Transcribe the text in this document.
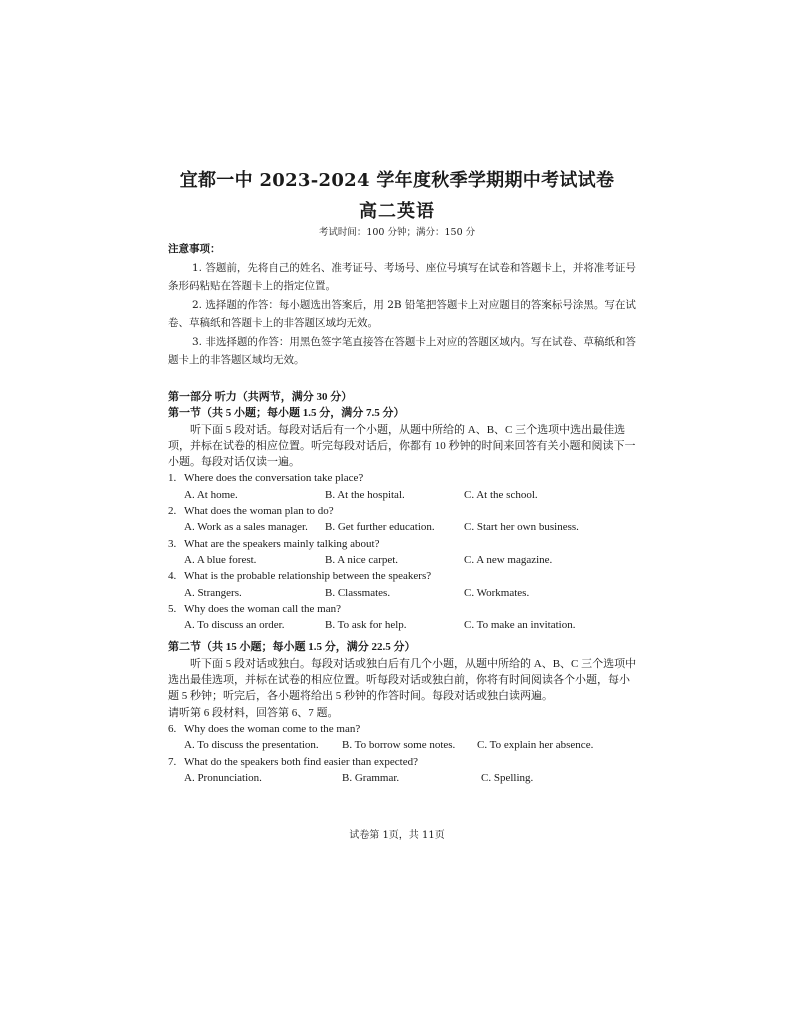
宜都一中 2023-2024 学年度秋季学期期中考试试卷
高二英语
考试时间：100 分钟；满分：150 分
注意事项：

1. 答题前，先将自己的姓名、准考证号、考场号、座位号填写在试卷和答题卡上，并将准考证号条形码粘贴在答题卡上的指定位置。

2. 选择题的作答：每小题选出答案后，用 2B 铅笔把答题卡上对应题目的答案标号涂黑。写在试卷、草稿纸和答题卡上的非答题区域均无效。

3. 非选择题的作答：用黑色签字笔直接答在答题卡上对应的答题区域内。写在试卷、草稿纸和答题卡上的非答题区域均无效。

第一部分 听力（共两节，满分 30 分）

第一节（共 5 小题；每小题 1.5 分，满分 7.5 分）

听下面 5 段对话。每段对话后有一个小题，从题中所给的 A、B、C 三个选项中选出最佳选项，并标在试卷的相应位置。听完每段对话后，你都有 10 秒钟的时间来回答有关小题和阅读下一小题。每段对话仅读一遍。

1. Where does the conversation take place?

A. At home.	B. At the hospital.	C. At the school.

2. What does the woman plan to do?

A. Work as a sales manager.	B. Get further education.	C. Start her own business.

3. What are the speakers mainly talking about?

A. A blue forest.	B. A nice carpet.	C. A new magazine.

4. What is the probable relationship between the speakers?

A. Strangers.	B. Classmates.	C. Workmates.

5. Why does the woman call the man?

A. To discuss an order.	B. To ask for help.	C. To make an invitation.

第二节（共 15 小题；每小题 1.5 分，满分 22.5 分）

听下面 5 段对话或独白。每段对话或独白后有几个小题，从题中所给的 A、B、C 三个选项中选出最佳选项，并标在试卷的相应位置。听每段对话或独白前，你将有时间阅读各个小题，每小题 5 秒钟；听完后，各小题将给出 5 秒钟的作答时间。每段对话或独白读两遍。

请听第 6 段材料，回答第 6、7 题。

6. Why does the woman come to the man?

A. To discuss the presentation.	B. To borrow some notes.	C. To explain her absence.

7. What do the speakers both find easier than expected?

A. Pronunciation.	B. Grammar.	C. Spelling.

试卷第 1页，共 11页
